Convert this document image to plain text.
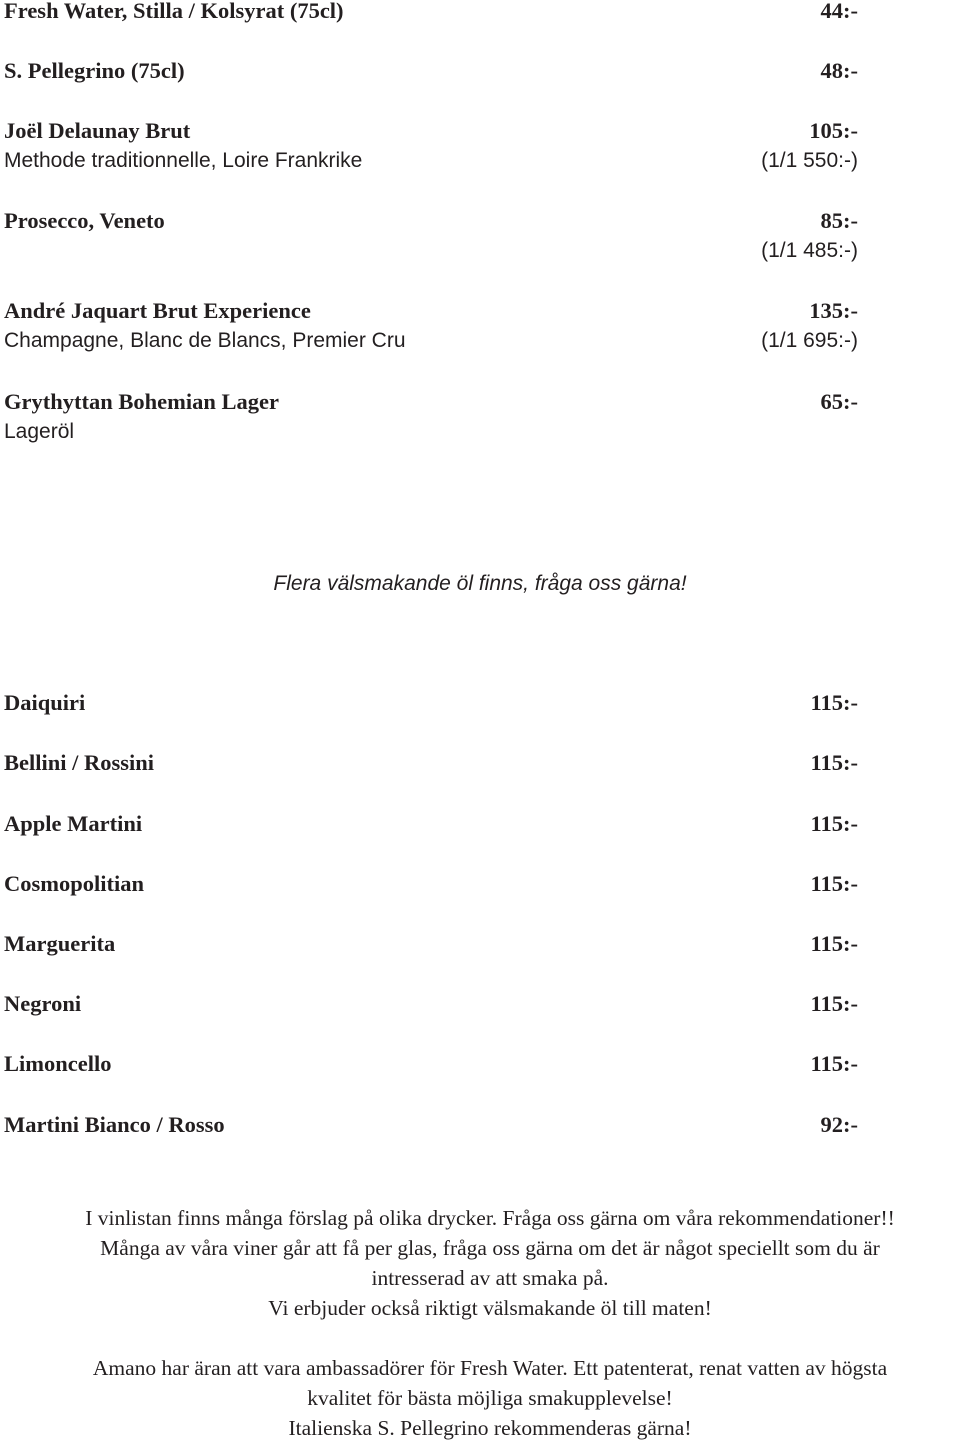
Fresh Water, Stilla / Kolsyrat (75cl)	44:-
S. Pellegrino (75cl)	48:-
Joël Delaunay Brut	105:-
Methode traditionnelle, Loire Frankrike	(1/1 550:-)
Prosecco, Veneto	85:-
(1/1 485:-)
André Jaquart Brut Experience	135:-
Champagne, Blanc de Blancs, Premier Cru	(1/1 695:-)
Grythyttan Bohemian Lager	65:-
Lageröl
Flera välsmakande öl finns, fråga oss gärna!
Daiquiri	115:-
Bellini / Rossini	115:-
Apple Martini	115:-
Cosmopolitian	115:-
Marguerita	115:-
Negroni	115:-
Limoncello	115:-
Martini Bianco / Rosso	92:-
I vinlistan finns många förslag på olika drycker. Fråga oss gärna om våra rekommendationer!!
Många av våra viner går att få per glas, fråga oss gärna om det är något speciellt som du är
intresserad av att smaka på.
Vi erbjuder också riktigt välsmakande öl till maten!
Amano har äran att vara ambassadörer för Fresh Water. Ett patenterat, renat vatten av högsta
kvalitet för bästa möjliga smakupplevelse!
Italienska S. Pellegrino rekommenderas gärna!
